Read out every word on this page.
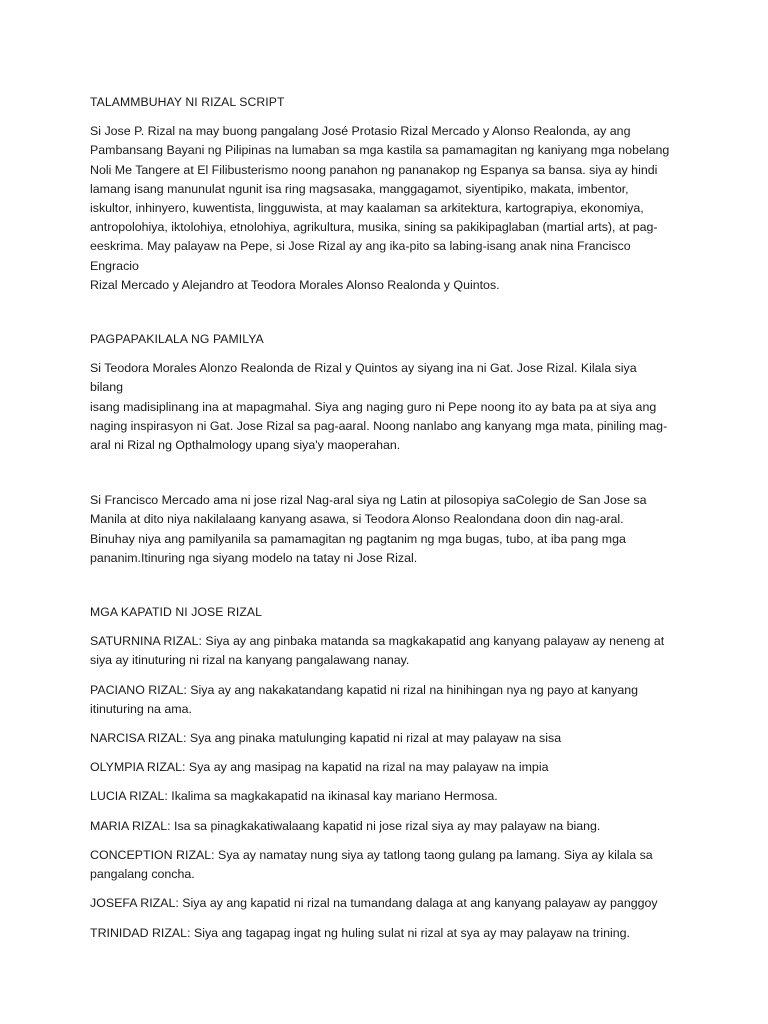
TALAMMBUHAY NI RIZAL SCRIPT

Si Jose P. Rizal na may buong pangalang José Protasio Rizal Mercado y Alonso Realonda, ay ang
Pambansang Bayani ng Pilipinas na lumaban sa mga kastila sa pamamagitan ng kaniyang mga nobelang
Noli Me Tangere at El Filibusterismo noong panahon ng pananakop ng Espanya sa bansa. siya ay hindi
lamang isang manunulat ngunit isa ring magsasaka, manggagamot, siyentipiko, makata, imbentor,
iskultor, inhinyero, kuwentista, lingguwista, at may kaalaman sa arkitektura, kartograpiya, ekonomiya,
antropolohiya, iktolohiya, etnolohiya, agrikultura, musika, sining sa pakikipaglaban (martial arts), at pag-
eeskrima. May palayaw na Pepe, si Jose Rizal ay ang ika-pito sa labing-isang anak nina Francisco Engracio
Rizal Mercado y Alejandro at Teodora Morales Alonso Realonda y Quintos.

PAGPAPAKILALA NG PAMILYA

Si Teodora Morales Alonzo Realonda de Rizal y Quintos ay siyang ina ni Gat. Jose Rizal. Kilala siya bilang
isang madisiplinang ina at mapagmahal. Siya ang naging guro ni Pepe noong ito ay bata pa at siya ang
naging inspirasyon ni Gat. Jose Rizal sa pag-aaral. Noong nanlabo ang kanyang mga mata, piniling mag-
aral ni Rizal ng Opthalmology upang siya'y maoperahan.

Si Francisco Mercado ama ni jose rizal Nag-aral siya ng Latin at pilosopiya saColegio de San Jose sa
Manila at dito niya nakilalaang kanyang asawa, si Teodora Alonso Realondana doon din nag-aral.
Binuhay niya ang pamilyanila sa pamamagitan ng pagtanim ng mga bugas, tubo, at iba pang mga
pananim.Itinuring nga siyang modelo na tatay ni Jose Rizal.

MGA KAPATID NI JOSE RIZAL

SATURNINA RIZAL: Siya ay ang pinbaka matanda sa magkakapatid ang kanyang palayaw ay neneng at
siya ay itinuturing ni rizal na kanyang pangalawang nanay.

PACIANO RIZAL: Siya ay ang nakakatandang kapatid ni rizal na hinihingan nya ng payo at kanyang
itinuturing na ama.

NARCISA RIZAL: Sya ang pinaka matulunging kapatid ni rizal at may palayaw na sisa

OLYMPIA RIZAL: Sya ay ang masipag na kapatid na rizal na may palayaw na impia

LUCIA RIZAL: Ikalima sa magkakapatid na ikinasal kay mariano Hermosa.

MARIA RIZAL: Isa sa pinagkakatiwalaang kapatid ni jose rizal siya ay may palayaw na biang.

CONCEPTION RIZAL: Sya ay namatay nung siya ay tatlong taong gulang pa lamang. Siya ay kilala sa
pangalang concha.

JOSEFA RIZAL: Siya ay ang kapatid ni rizal na tumandang dalaga at ang kanyang palayaw ay panggoy

TRINIDAD RIZAL: Siya ang tagapag ingat ng huling sulat ni rizal at sya ay may palayaw na trining.
